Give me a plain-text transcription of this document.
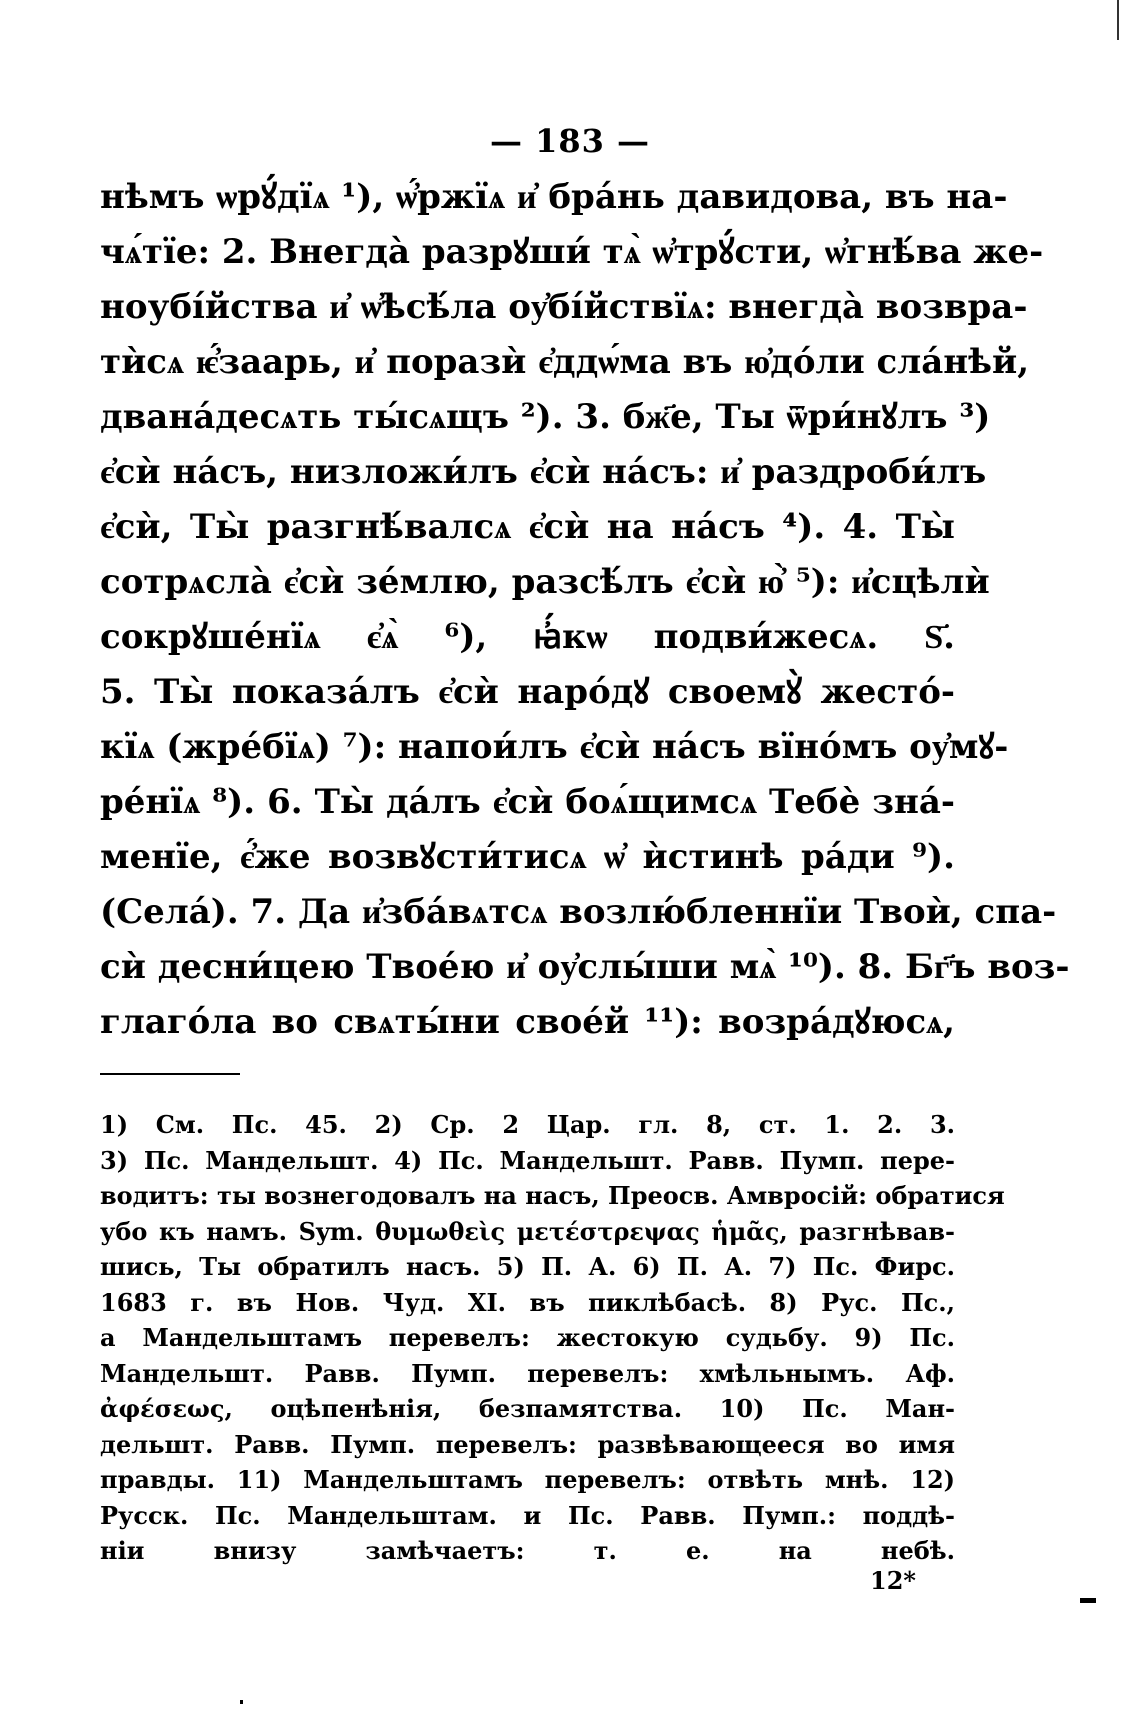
— 183 —
нѣмъ ѡрꙋ́дїѧ ¹), ѡ҆́ржїѧ и҆ бра́нь давидова, въ на-
чѧ́тїе: 2. Внегда̀ разрꙋши́ тѧ̀ ѡ҆трꙋ́сти, ѡ҆гнѣ́ва же-
ноубі́йства и҆ ѡ҆ѣсѣ́ла оу҆бі́йствїѧ: внегда̀ возвра-
тѝсѧ ѥ҆́заарь, и҆ поразѝ є҆ддѡ́ма въ ю҆до́ли сла́нѣй,
двана́десѧть ты́сѧщъ ²). 3. бж҃е, Ты ѿри́нꙋлъ ³)
є҆сѝ на́съ, низложи́лъ є҆сѝ на́съ: и҆ раздроби́лъ
є҆сѝ, Ты̀ разгнѣ́валсѧ є҆сѝ на на́съ ⁴). 4. Ты̀
сотрѧсла̀ є҆сѝ зе́млю, разсѣ́лъ є҆сѝ ю҆̀ ⁵): и҆сцѣлѝ
сокрꙋше́нїѧ є҆ѧ̀ ⁶), ꙗ҆́кѡ подви́жесѧ. Ѕ҃.
5. Ты̀ показа́лъ є҆сѝ наро́дꙋ своемꙋ̀ жесто́-
кїѧ (жре́бїѧ) ⁷): напои́лъ є҆сѝ на́съ вїно́мъ оу҆мꙋ-
ре́нїѧ ⁸). 6. Ты̀ да́лъ є҆сѝ боѧ́щимсѧ Тебѐ зна́-
менїе, є҆́же возвꙋсти́тисѧ ѡ҆ ѝстинѣ ра́ди ⁹).
(Села́). 7. Да и҆зба́вѧтсѧ возлю́бленнїи Твоѝ, спа-
сѝ десни́цею Твое́ю и҆ оу҆слы́ши мѧ̀ ¹⁰). 8. Бг҃ъ воз-
глаго́ла во свѧты́ни свое́й ¹¹): возра́дꙋюсѧ,
1) См. Пс. 45. 2) Ср. 2 Цар. гл. 8, ст. 1. 2. 3.
3) Пс. Мандельшт. 4) Пс. Мандельшт. Равв. Пумп. пере-
водитъ: ты вознегодовалъ на насъ, Преосв. Амвросій: обратися
убо къ намъ. Sym. θυμωθεὶς μετέστρεψας ἡμᾶς, разгнѣвав-
шись, Ты обратилъ насъ. 5) П. А. 6) П. А. 7) Пс. Фирс.
1683 г. въ Нов. Чуд. XI. въ пиклѣбасѣ. 8) Рус. Пс.,
а Мандельштамъ перевелъ: жестокую судьбу. 9) Пс.
Мандельшт. Равв. Пумп. перевелъ: хмѣльнымъ. Аф.
ἀφέσεως, оцѣпенѣнія, безпамятства. 10) Пс. Ман-
дельшт. Равв. Пумп. перевелъ: развѣвающееся во имя
правды. 11) Мандельштамъ перевелъ: отвѣть мнѣ. 12)
Русск. Пс. Мандельштам. и Пс. Равв. Пумп.: поддѣ-
ніи внизу замѣчаетъ: т. е. на небѣ.
12*
